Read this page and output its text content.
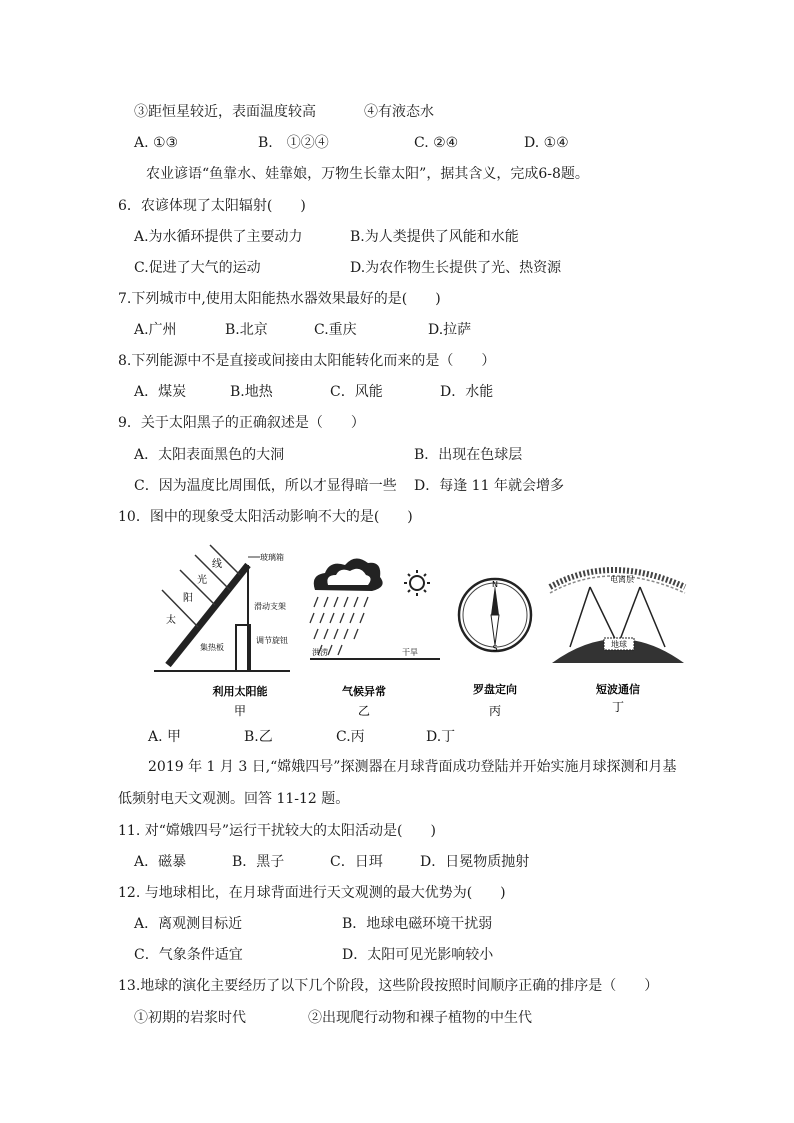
③距恒星较近，表面温度较高	④有液态水
A. ①③	B.　①②④	C. ②④	D. ①④
农业谚语“鱼靠水、娃靠娘，万物生长靠太阳”，据其含义，完成6-8题。
6．农谚体现了太阳辐射(　　)
A.为水循环提供了主要动力	B.为人类提供了风能和水能
C.促进了大气的运动	D.为农作物生长提供了光、热资源
7.下列城市中,使用太阳能热水器效果最好的是(　　)
A.广州	B.北京	C.重庆	D.拉萨
8.下列能源中不是直接或间接由太阳能转化而来的是（　　）
A．煤炭	B.地热	C．风能	D．水能
9．关于太阳黑子的正确叙述是（　　）
A．太阳表面黑色的大洞	B．出现在色球层
C．因为温度比周围低，所以才显得暗一些 D．每逢 11 年就会增多
10．图中的现象受太阳活动影响不大的是(　　)
线
光
阳
太
玻璃箱
滑动支架
调节旋钮
集热板
利用太阳能
甲
洪涝	干旱
气候异常
乙
N
S
罗盘定向
丙
地球
电离层
短波通信
丁
A. 甲	B.乙	C.丙	D.丁
2019 年 1 月 3 日,“嫦娥四号”探测器在月球背面成功登陆并开始实施月球探测和月基
低频射电天文观测。回答 11-12 题。
11. 对“嫦娥四号”运行干扰较大的太阳活动是(　　)
A．磁暴	B．黑子	C．日珥	D．日冕物质抛射
12. 与地球相比，在月球背面进行天文观测的最大优势为(　　)
A．离观测目标近	B．地球电磁环境干扰弱
C．气象条件适宜	D．太阳可见光影响较小
13.地球的演化主要经历了以下几个阶段，这些阶段按照时间顺序正确的排序是（　　）
①初期的岩浆时代	②出现爬行动物和裸子植物的中生代
